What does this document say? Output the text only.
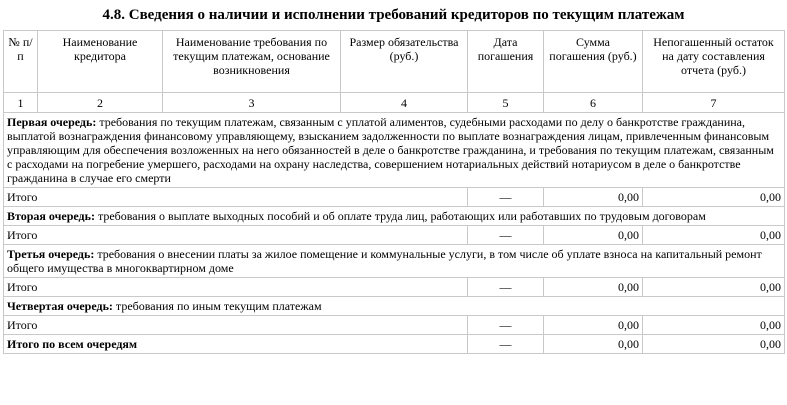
4.8. Сведения о наличии и исполнении требований кредиторов по текущим платежам
№ п/п	Наименование кредитора	Наименование требования по текущим платежам, основание возникновения	Размер обязательства (руб.)	Дата погашения	Сумма погашения (руб.)	Непогашенный остаток на дату составления отчета (руб.)
1	2	3	4	5	6	7
Первая очередь: требования по текущим платежам, связанным с уплатой алиментов, судебными расходами по делу о банкротстве гражданина, выплатой вознаграждения финансовому управляющему, взысканием задолженности по выплате вознаграждения лицам, привлеченным финансовым управляющим для обеспечения возложенных на него обязанностей в деле о банкротстве гражданина, и требования по текущим платежам, связанным с расходами на погребение умершего, расходами на охрану наследства, совершением нотариальных действий нотариусом в деле о банкротстве гражданина в случае его смерти						
Итого				—	0,00	0,00
Вторая очередь: требования о выплате выходных пособий и об оплате труда лиц, работающих или работавших по трудовым договорам						
Итого				—	0,00	0,00
Третья очередь: требования о внесении платы за жилое помещение и коммунальные услуги, в том числе об уплате взноса на капитальный ремонт общего имущества в многоквартирном доме						
Итого				—	0,00	0,00
Четвертая очередь: требования по иным текущим платежам						
Итого				—	0,00	0,00
Итого по всем очередям				—	0,00	0,00
